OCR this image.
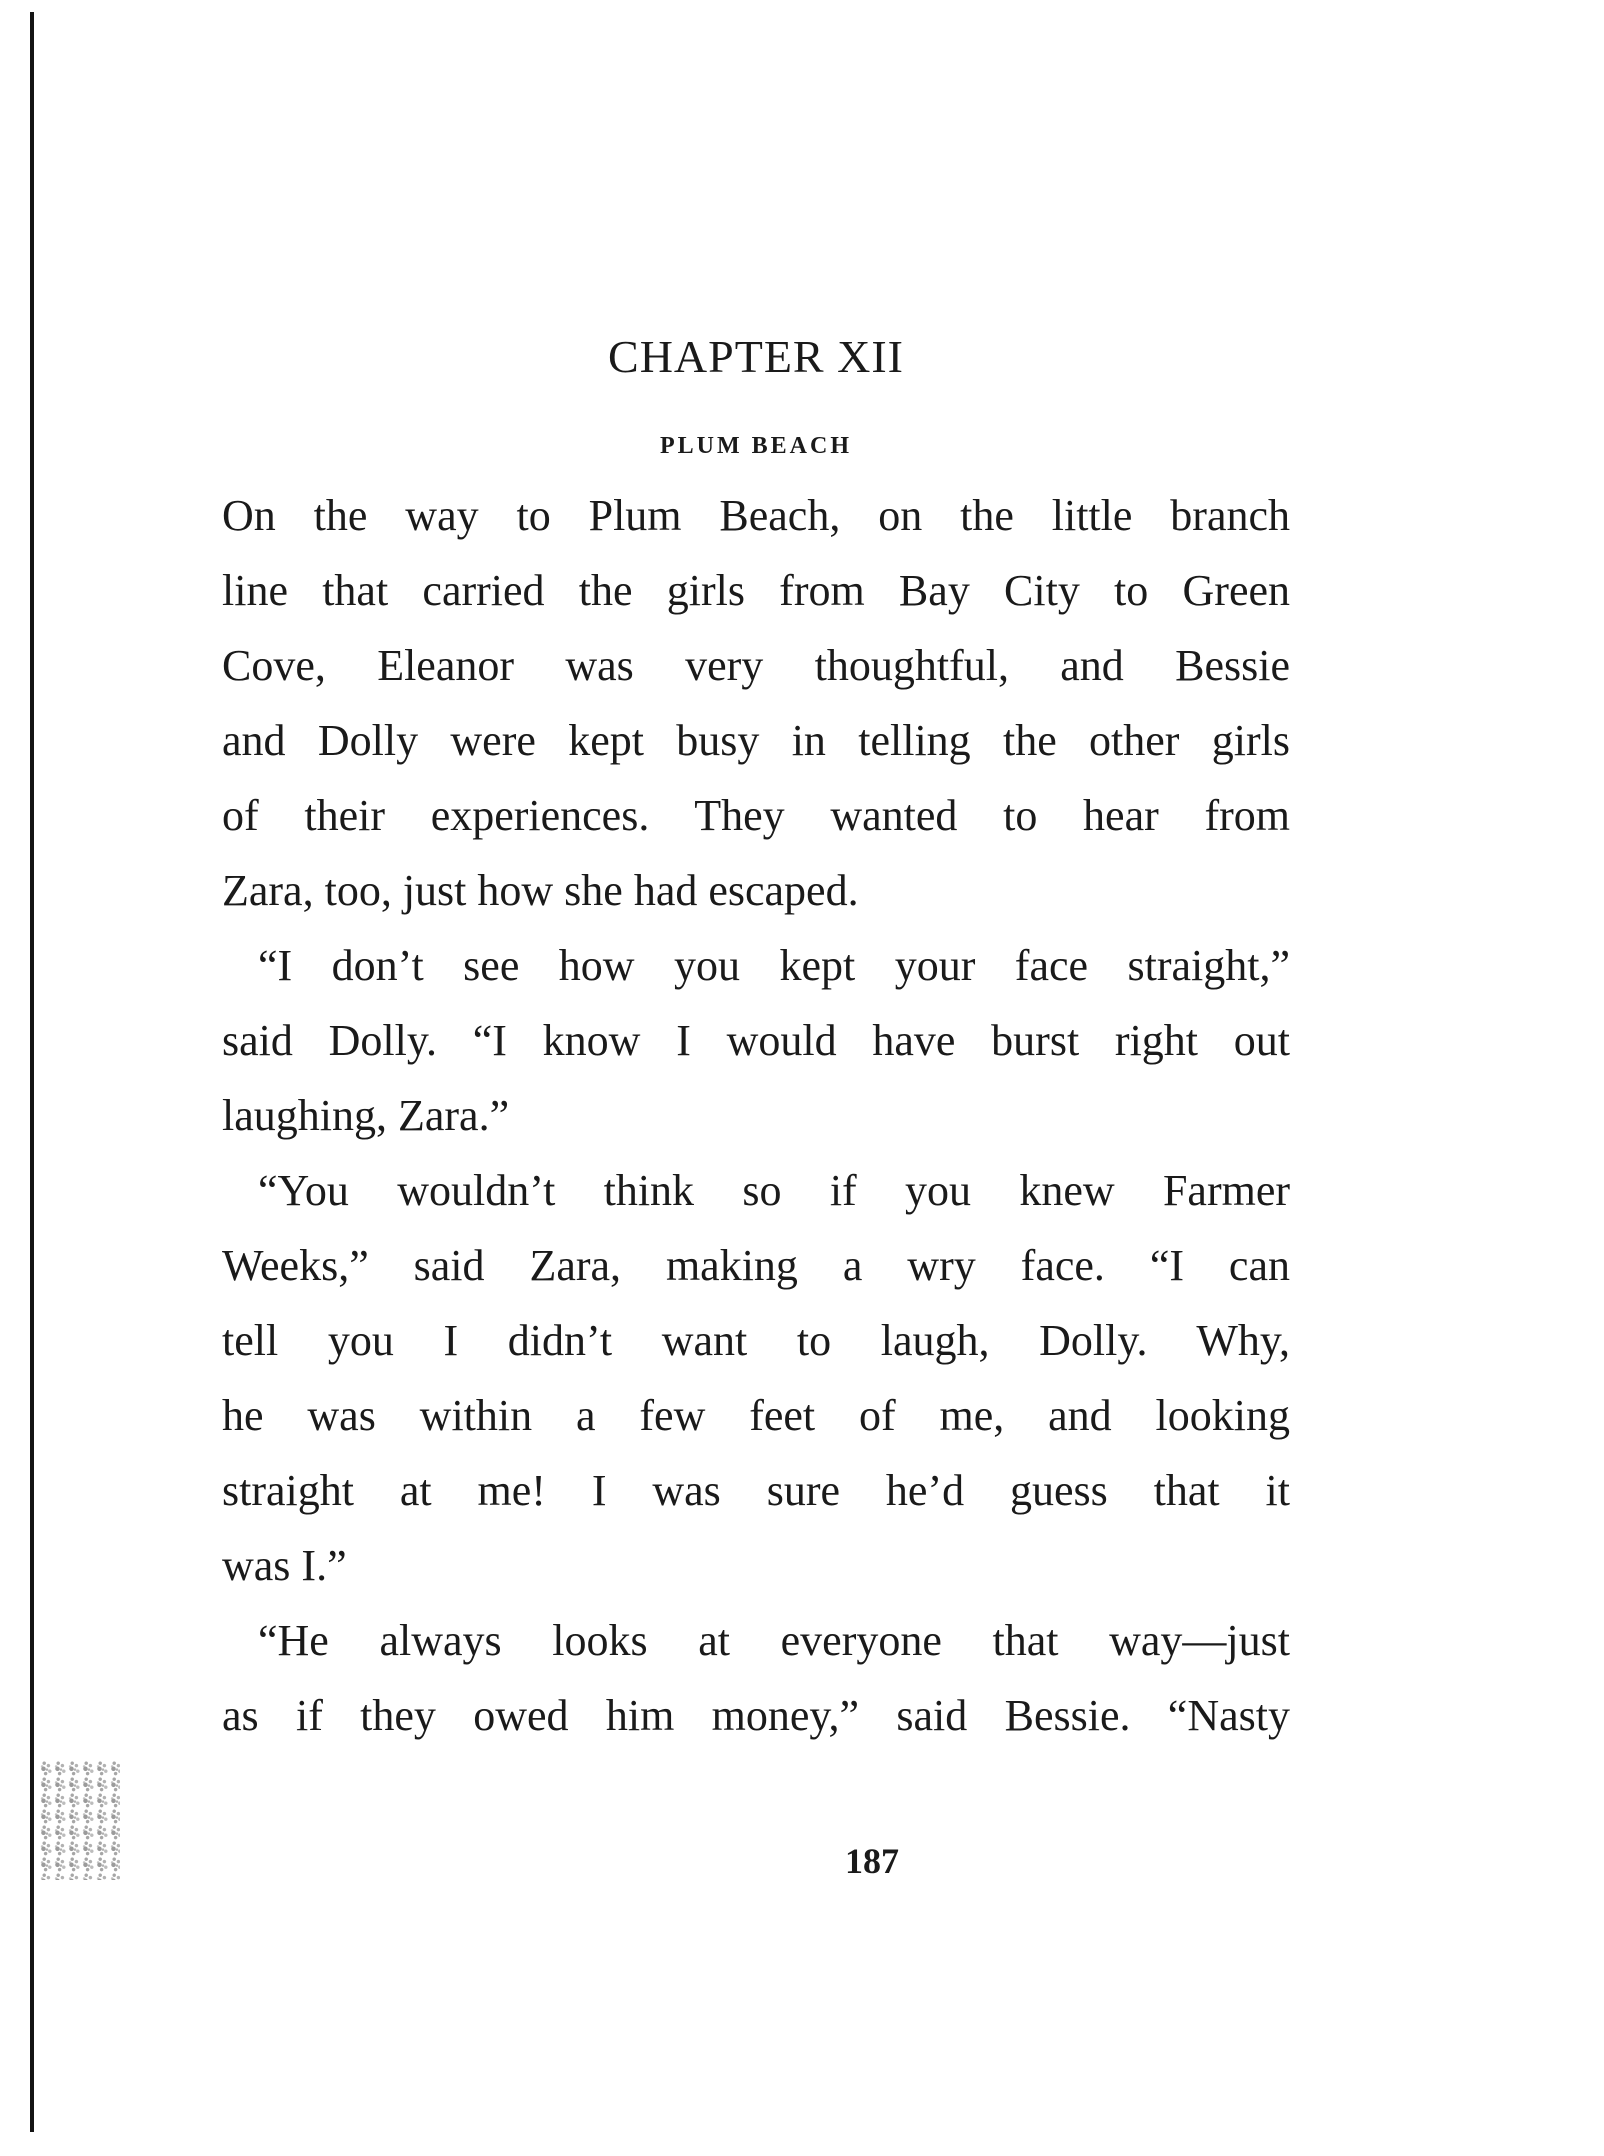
CHAPTER XII
PLUM BEACH

On the way to Plum Beach, on the little branch
line that carried the girls from Bay City to Green
Cove, Eleanor was very thoughtful, and Bessie
and Dolly were kept busy in telling the other girls
of their experiences. They wanted to hear from
Zara, too, just how she had escaped.

“I don’t see how you kept your face straight,”
said Dolly. “I know I would have burst right out
laughing, Zara.”

“You wouldn’t think so if you knew Farmer
Weeks,” said Zara, making a wry face. “I can
tell you I didn’t want to laugh, Dolly. Why,
he was within a few feet of me, and looking
straight at me! I was sure he’d guess that it
was I.”

“He always looks at everyone that way—just
as if they owed him money,” said Bessie. “Nasty

187
